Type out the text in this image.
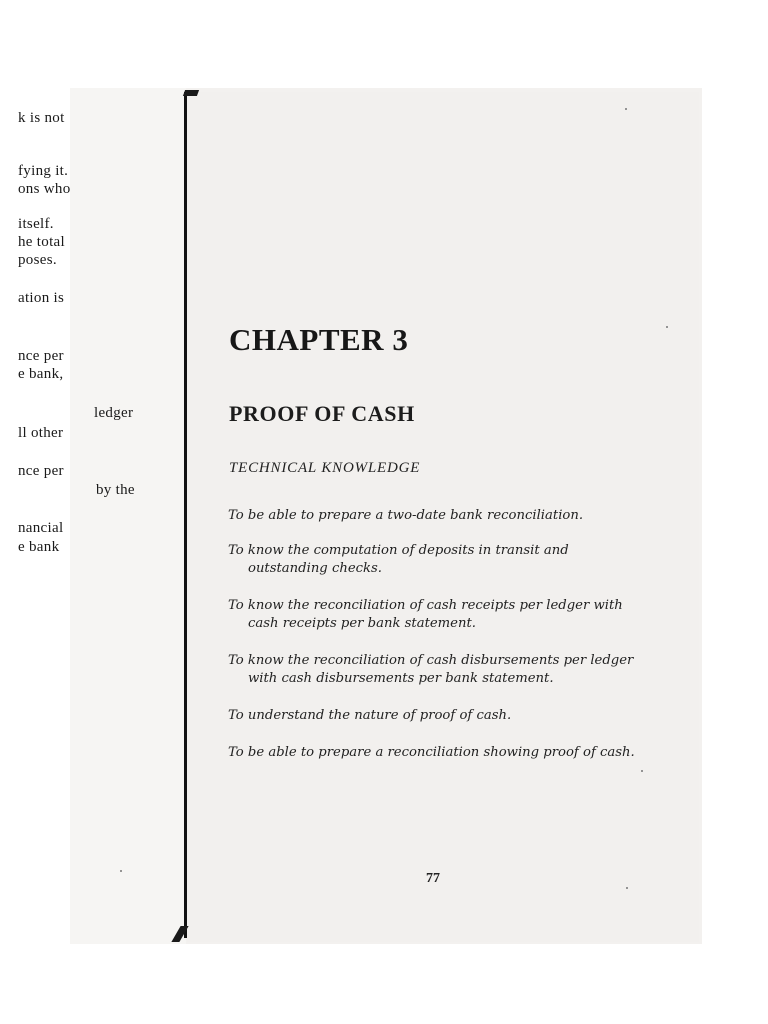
k is not
fying it.
ons who
itself.
he total
poses.
ation is
nce per
e bank,
ledger
ll other
nce per
by the
nancial
e bank
CHAPTER 3
PROOF OF CASH
TECHNICAL KNOWLEDGE
To be able to prepare a two-date bank reconciliation.
To know the computation of deposits in transit and
outstanding checks.
To know the reconciliation of cash receipts per ledger with
cash receipts per bank statement.
To know the reconciliation of cash disbursements per ledger
with cash disbursements per bank statement.
To understand the nature of proof of cash.
To be able to prepare a reconciliation showing proof of cash.
77
